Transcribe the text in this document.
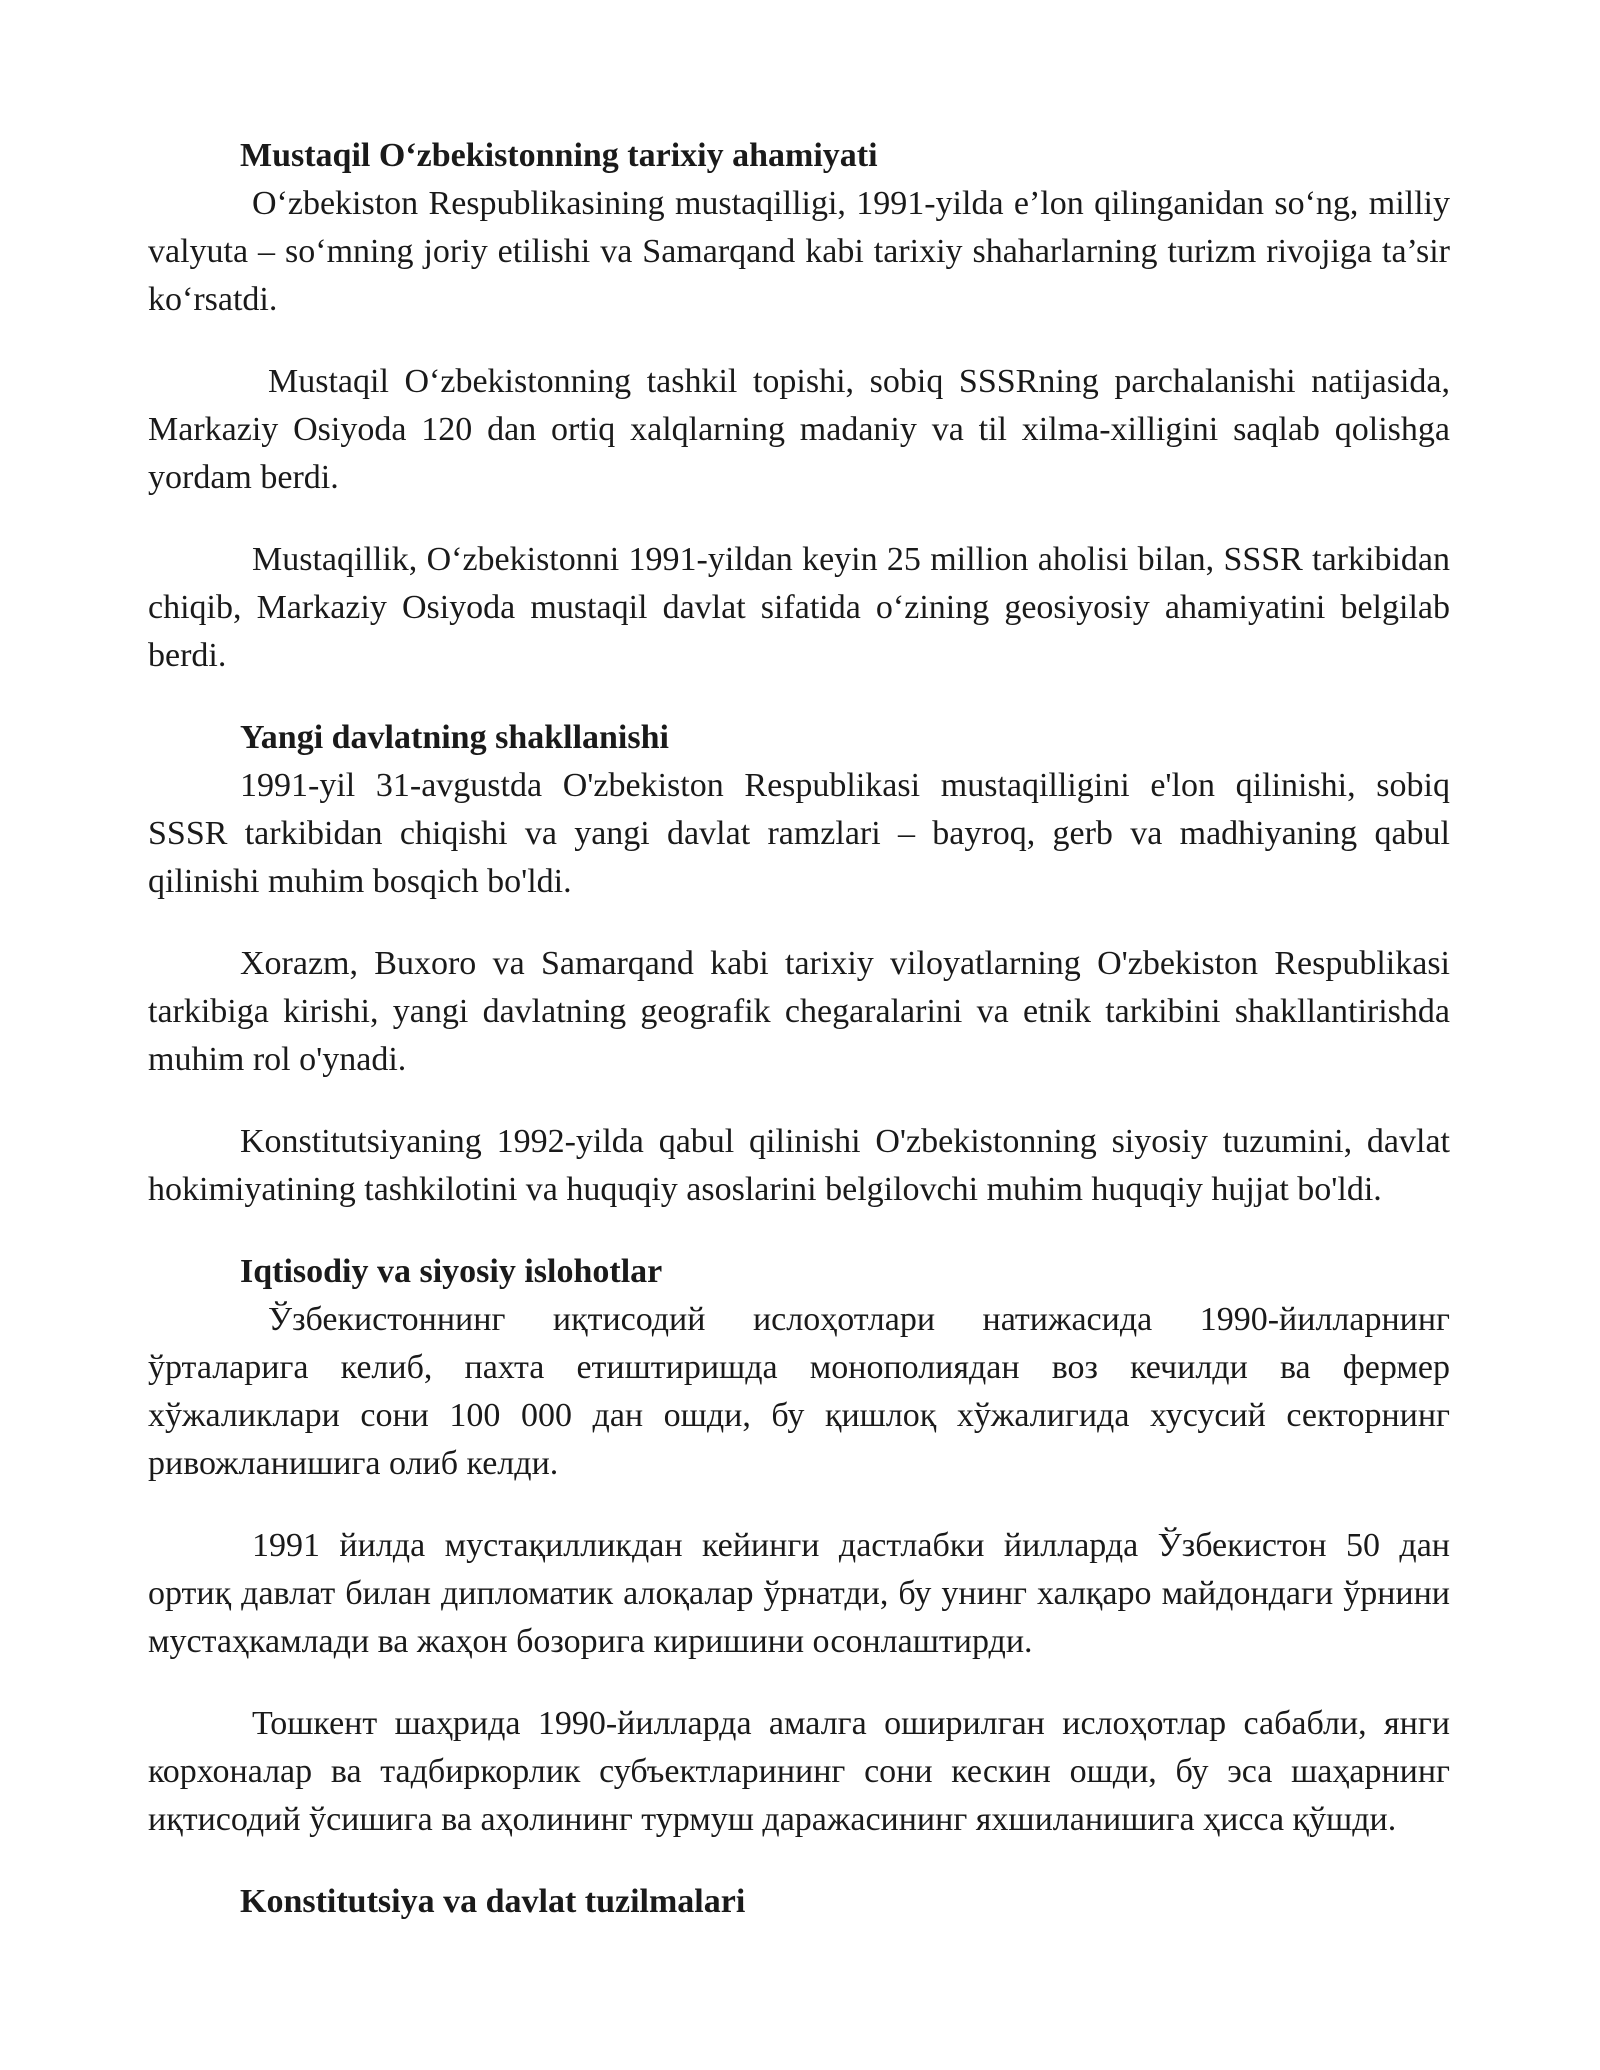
Mustaqil O‘zbekistonning tarixiy ahamiyati

O‘zbekiston Respublikasining mustaqilligi, 1991-yilda e’lon qilinganidan so‘ng, milliy valyuta – so‘mning joriy etilishi va Samarqand kabi tarixiy shaharlarning turizm rivojiga ta’sir ko‘rsatdi.

Mustaqil O‘zbekistonning tashkil topishi, sobiq SSSRning parchalanishi natijasida, Markaziy Osiyoda 120 dan ortiq xalqlarning madaniy va til xilma-xilligini saqlab qolishga yordam berdi.

Mustaqillik, O‘zbekistonni 1991-yildan keyin 25 million aholisi bilan, SSSR tarkibidan chiqib, Markaziy Osiyoda mustaqil davlat sifatida o‘zining geosiyosiy ahamiyatini belgilab berdi.

Yangi davlatning shakllanishi

1991-yil 31-avgustda O'zbekiston Respublikasi mustaqilligini e'lon qilinishi, sobiq SSSR tarkibidan chiqishi va yangi davlat ramzlari – bayroq, gerb va madhiyaning qabul qilinishi muhim bosqich bo'ldi.

Xorazm, Buxoro va Samarqand kabi tarixiy viloyatlarning O'zbekiston Respublikasi tarkibiga kirishi, yangi davlatning geografik chegaralarini va etnik tarkibini shakllantirishda muhim rol o'ynadi.

Konstitutsiyaning 1992-yilda qabul qilinishi O'zbekistonning siyosiy tuzumini, davlat hokimiyatining tashkilotini va huquqiy asoslarini belgilovchi muhim huquqiy hujjat bo'ldi.

Iqtisodiy va siyosiy islohotlar

Ўзбекистоннинг иқтисодий ислоҳотлари натижасида 1990-йилларнинг ўрталарига келиб, пахта етиштиришда монополиядан воз кечилди ва фермер хўжаликлари сони 100 000 дан ошди, бу қишлоқ хўжалигида хусусий секторнинг ривожланишига олиб келди.

1991 йилда мустақилликдан кейинги дастлабки йилларда Ўзбекистон 50 дан ортиқ давлат билан дипломатик алоқалар ўрнатди, бу унинг халқаро майдондаги ўрнини мустаҳкамлади ва жаҳон бозорига киришини осонлаштирди.

Тошкент шаҳрида 1990-йилларда амалга оширилган ислоҳотлар сабабли, янги корхоналар ва тадбиркорлик субъектларининг сони кескин ошди, бу эса шаҳарнинг иқтисодий ўсишига ва аҳолининг турмуш даражасининг яхшиланишига ҳисса қўшди.

Konstitutsiya va davlat tuzilmalari
